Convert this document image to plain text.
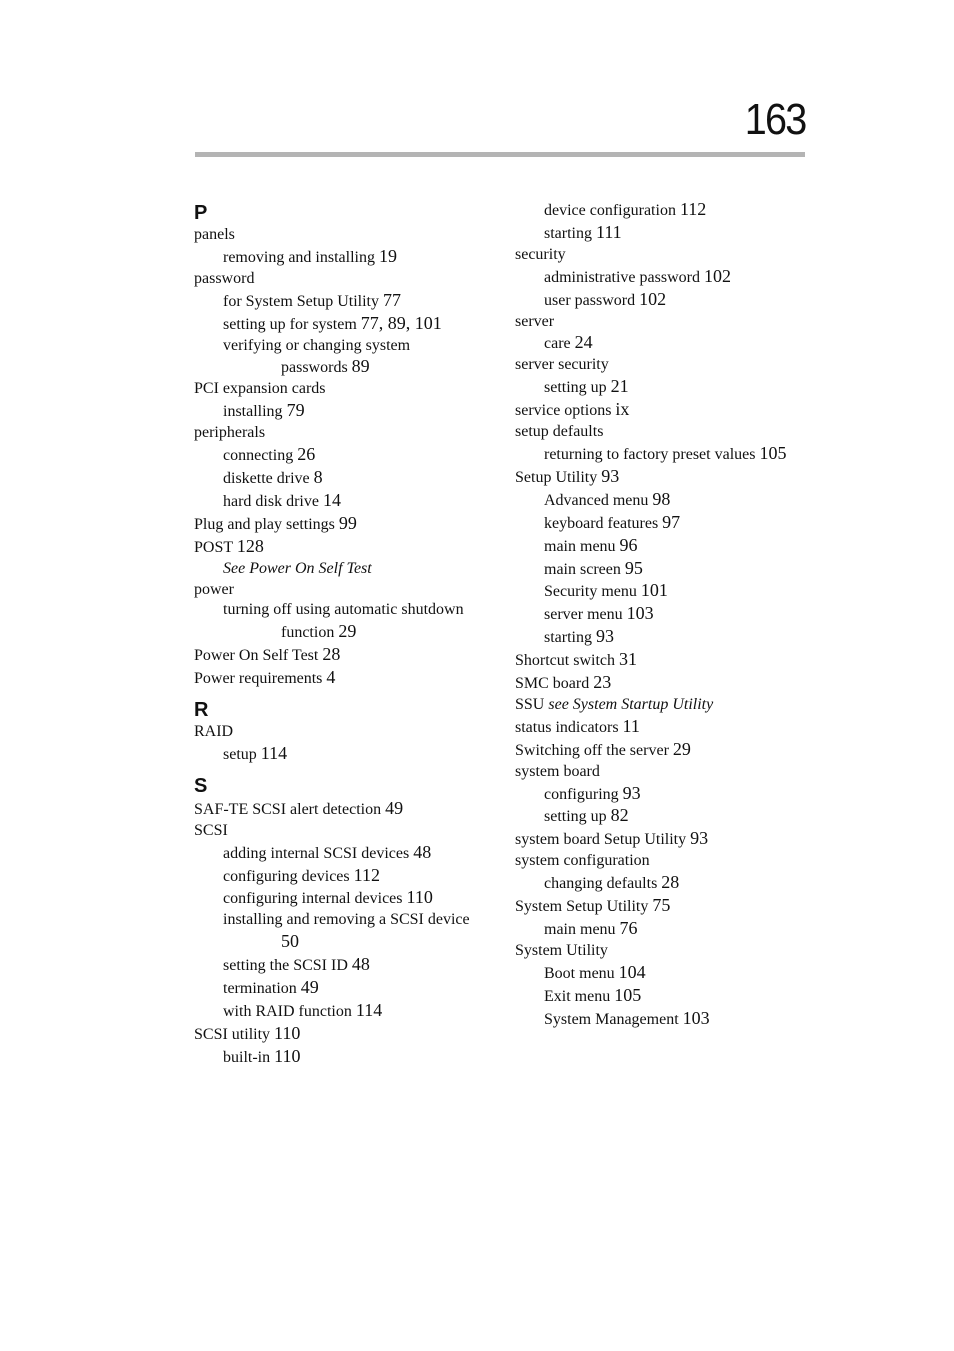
163
P
panels
removing and installing 19
password
for System Setup Utility 77
setting up for system 77, 89, 101
verifying or changing system
passwords 89
PCI expansion cards
installing 79
peripherals
connecting 26
diskette drive 8
hard disk drive 14
Plug and play settings 99
POST 128
See Power On Self Test
power
turning off using automatic shutdown
function 29
Power On Self Test 28
Power requirements 4
R
RAID
setup 114
S
SAF-TE SCSI alert detection 49
SCSI
adding internal SCSI devices 48
configuring devices 112
configuring internal devices 110
installing and removing a SCSI device
50
setting the SCSI ID 48
termination 49
with RAID function 114
SCSI utility 110
built-in 110
device configuration 112
starting 111
security
administrative password 102
user password 102
server
care 24
server security
setting up 21
service options ix
setup defaults
returning to factory preset values 105
Setup Utility 93
Advanced menu 98
keyboard features 97
main menu 96
main screen 95
Security menu 101
server menu 103
starting 93
Shortcut switch 31
SMC board 23
SSU see System Startup Utility
status indicators 11
Switching off the server 29
system board
configuring 93
setting up 82
system board Setup Utility 93
system configuration
changing defaults 28
System Setup Utility 75
main menu 76
System Utility
Boot menu 104
Exit menu 105
System Management 103
